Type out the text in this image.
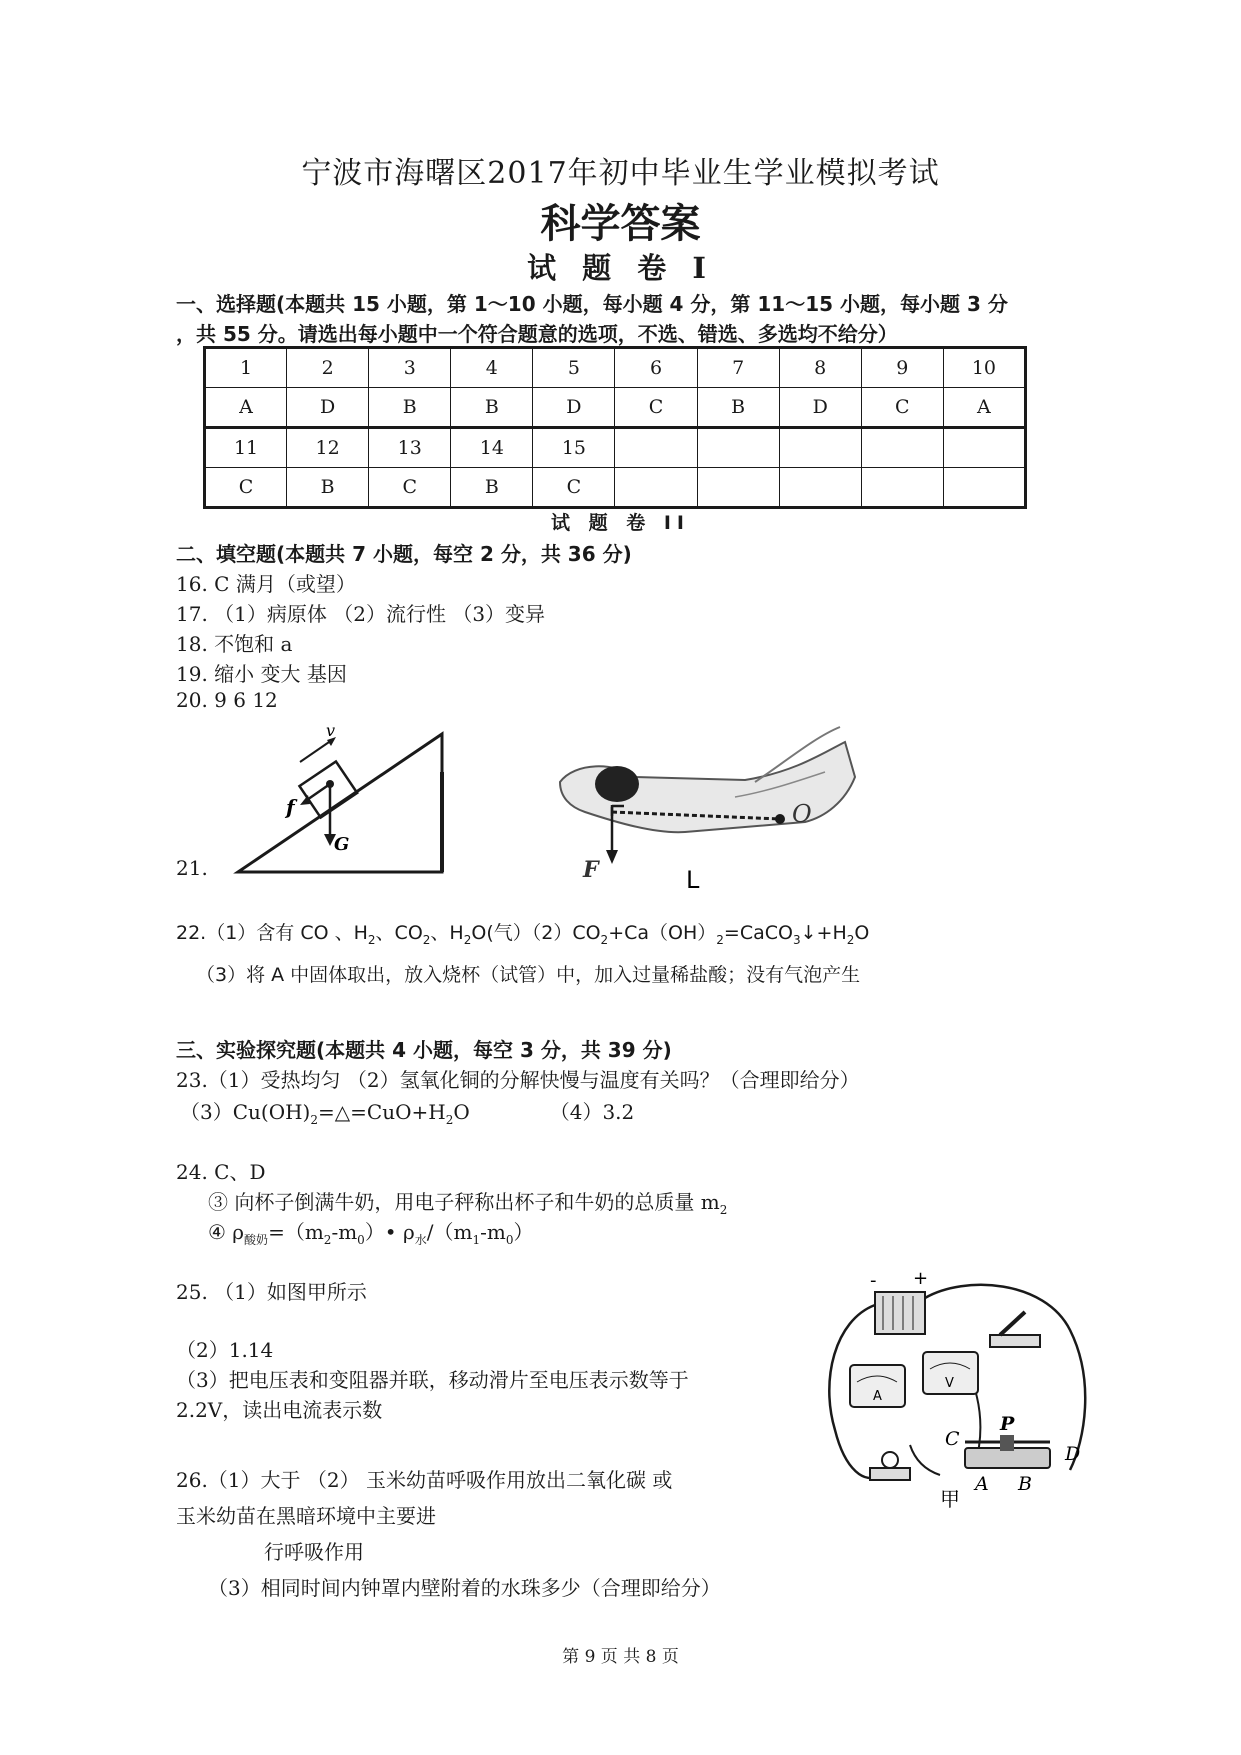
宁波市海曙区2017年初中毕业生学业模拟考试
科学答案
试 题 卷 I
一、选择题(本题共 15 小题，第 1～10 小题，每小题 4 分，第 11～15 小题，每小题 3 分
，共 55 分。请选出每小题中一个符合题意的选项，不选、错选、多选均不给分）
1	2	3	4	5	6	7	8	9	10
A	D	B	B	D	C	B	D	C	A
11	12	13	14	15					
C	B	C	B	C					
试 题 卷 II
二、填空题(本题共 7 小题，每空 2 分，共 36 分)
16. C 满月（或望）
17. （1）病原体 （2）流行性 （3）变异
18. 不饱和 a
19. 缩小 变大 基因
20. 9 6 12
21.
v
f
G
F
O
L
22.（1）含有 CO 、$H_2$、$CO_2$、$H_2O$(气）$(2)CO_2+Ca(OH)_2=CaCO_3↓+H_2O$
（3）将 A 中固体取出，放入烧杯（试管）中，加入过量稀盐酸；没有气泡产生
三、实验探究题(本题共 4 小题，每空 3 分，共 39 分)
23.（1）受热均匀 （2）氢氧化铜的分解快慢与温度有关吗？（合理即给分）
$(3)Cu(OH)_2=\triangle=CuO+H_2O$	（4）3.2
24. C、D
③ 向杯子倒满牛奶，用电子秤称出杯子和牛奶的总质量 $m_2$
④ $\rho_{酸奶}=(m_2-m_0)•$ $\rho_水/(m_1-m_0)$
25. （1）如图甲所示
（2）1.14
（3）把电压表和变阻器并联，移动滑片至电压表示数等于
2.2V，读出电流表示数
- +
A
V
C
P
D
A B
甲
26.（1）大于 （2） 玉米幼苗呼吸作用放出二氧化碳 或
玉米幼苗在黑暗环境中主要进
行呼吸作用
（3）相同时间内钟罩内壁附着的水珠多少（合理即给分）
第 9 页 共 8 页
